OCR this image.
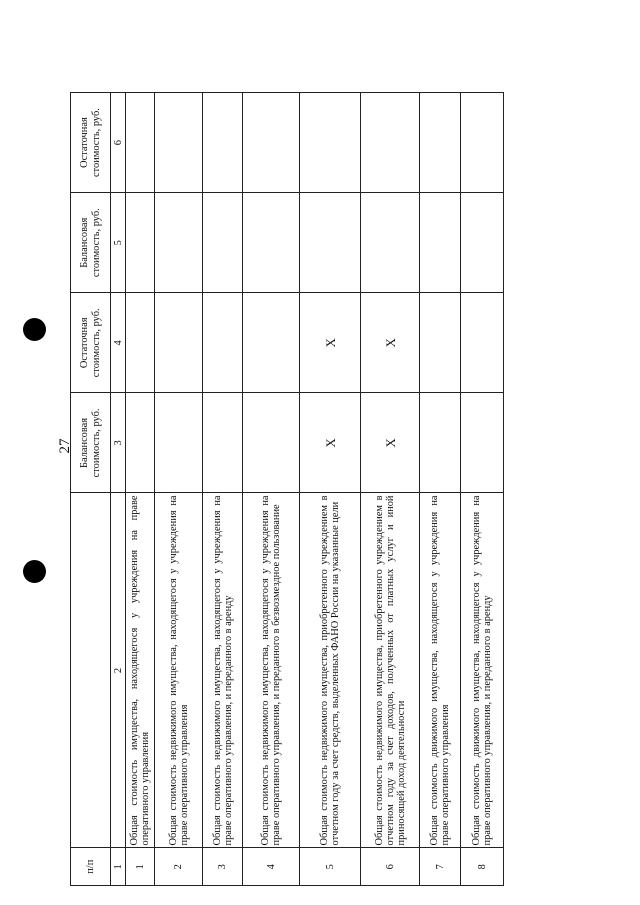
27
п/п		Балансовая стоимость, руб.	Остаточная стоимость, руб.	Балансовая стоимость, руб.	Остаточная стоимость, руб.
1	2	3	4	5	6
1	Общая стоимость имущества, находящегося у учреждения на праве оперативного управления				
2	Общая стоимость недвижимого имущества, находящегося у учреждения на праве оперативного управления				
3	Общая стоимость недвижимого имущества, находящегося у учреждения на праве оперативного управления, и переданного в аренду				
4	Общая стоимость недвижимого имущества, находящегося у учреждения на праве оперативного управления, и переданного в безвозмездное пользование				
5	Общая стоимость недвижимого имущества, приобретенного учреждением в отчетном году за счет средств, выделенных ФАНО России на указанные цели	X	X		
6	Общая стоимость недвижимого имущества, приобретенного учреждением в отчетном году за счет доходов, полученных от платных услуг и иной приносящей доход деятельности	X	X		
7	Общая стоимость движимого имущества, находящегося у учреждения на праве оперативного управления				
8	Общая стоимость движимого имущества, находящегося у учреждения на праве оперативного управления, и переданного в аренду				
